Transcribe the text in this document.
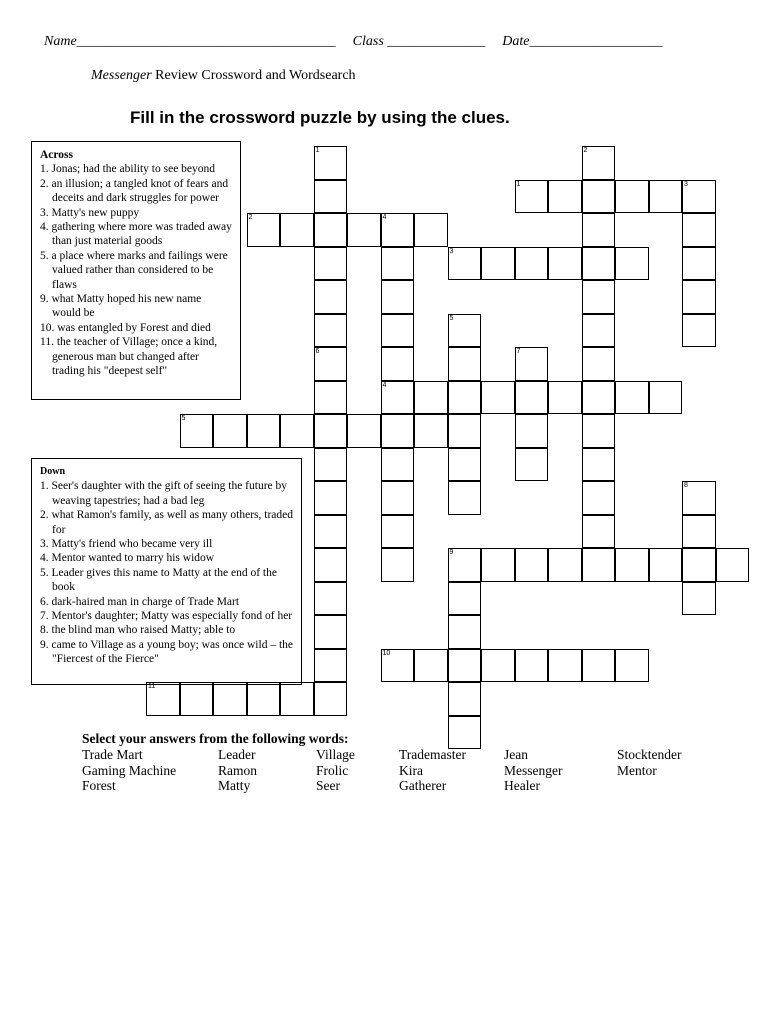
Name_____________________________________ Class ______________ Date___________________
Messenger Review Crossword and Wordsearch
Fill in the crossword puzzle by using the clues.
Across

1. Jonas; had the ability to see beyond

2. an illusion; a tangled knot of fears and deceits and dark struggles for power

3. Matty's new puppy

4. gathering where more was traded away than just material goods

5. a place where marks and failings were valued rather than considered to be flaws

9. what Matty hoped his new name would be

10. was entangled by Forest and died

11. the teacher of Village; once a kind, generous man but changed after trading his "deepest self"

Down

1. Seer's daughter with the gift of seeing the future by weaving tapestries; had a bad leg

2. what Ramon's family, as well as many others, traded for

3. Matty's friend who became very ill

4. Mentor wanted to marry his widow

5. Leader gives this name to Matty at the end of the book

6. dark-haired man in charge of Trade Mart

7. Mentor's daughter; Matty was especially fond of her

8. the blind man who raised Matty; able to

9. came to Village as a young boy; was once wild – the "Fiercest of the Fierce"

1
6
2
3
4
4
5
7
8
9
1
2
3
5
10
11
Select your answers from the following words:
Trade Mart	Leader	Village	Trademaster	Jean	Stocktender
Gaming Machine	Ramon	Frolic	Kira	Messenger	Mentor
Forest	Matty	Seer	Gatherer	Healer
